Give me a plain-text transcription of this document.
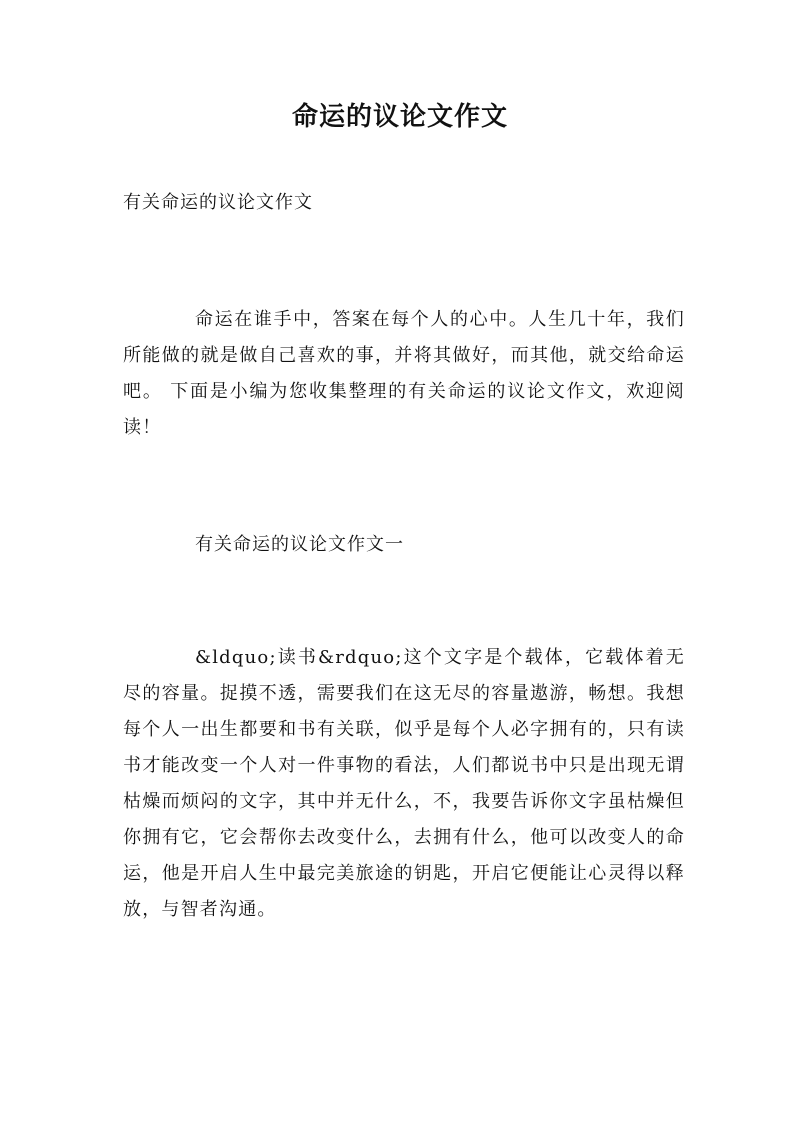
命运的议论文作文
有关命运的议论文作文

命运在谁手中，答案在每个人的心中。人生几十年，我们所能做的就是做自己喜欢的事，并将其做好，而其他，就交给命运吧。 下面是小编为您收集整理的有关命运的议论文作文，欢迎阅读！

有关命运的议论文作文一

&ldquo;读书&rdquo;这个文字是个载体，它载体着无尽的容量。捉摸不透，需要我们在这无尽的容量遨游，畅想。我想每个人一出生都要和书有关联，似乎是每个人必字拥有的，只有读书才能改变一个人对一件事物的看法，人们都说书中只是出现无谓枯燥而烦闷的文字，其中并无什么，不，我要告诉你文字虽枯燥但你拥有它，它会帮你去改变什么，去拥有什么，他可以改变人的命运，他是开启人生中最完美旅途的钥匙，开启它便能让心灵得以释放，与智者沟通。
